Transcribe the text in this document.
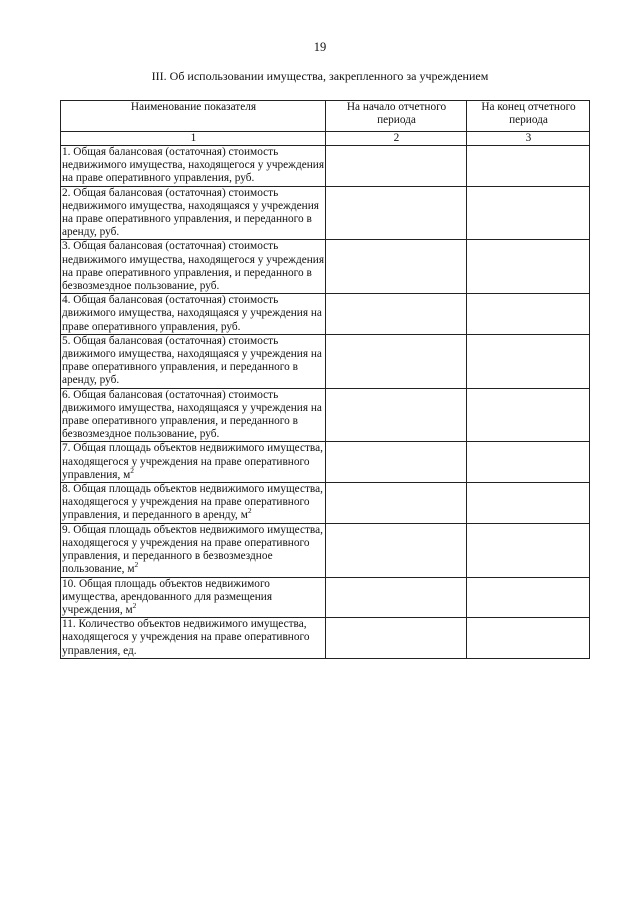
19
III. Об использовании имущества, закрепленного за учреждением
Наименование показателя	На начало отчетного периода	На конец отчетного периода
1	2	3
1. Общая балансовая (остаточная) стоимость недвижимого имущества, находящегося у учреждения на праве оперативного управления, руб.		
2. Общая балансовая (остаточная) стоимость недвижимого имущества, находящаяся у учреждения на праве оперативного управления, и переданного в аренду, руб.		
3. Общая балансовая (остаточная) стоимость недвижимого имущества, находящегося у учреждения на праве оперативного управления, и переданного в безвозмездное пользование, руб.		
4. Общая балансовая (остаточная) стоимость движимого имущества, находящаяся у учреждения на праве оперативного управления, руб.		
5. Общая балансовая (остаточная) стоимость движимого имущества, находящаяся у учреждения на праве оперативного управления, и переданного в аренду, руб.		
6. Общая балансовая (остаточная) стоимость движимого имущества, находящаяся у учреждения на праве оперативного управления, и переданного в безвозмездное пользование, руб.		
7. Общая площадь объектов недвижимого имущества, находящегося у учреждения на праве оперативного управления, $м^2$		
8. Общая площадь объектов недвижимого имущества, находящегося у учреждения на праве оперативного управления, и переданного в аренду, $м^2$		
9. Общая площадь объектов недвижимого имущества, находящегося у учреждения на праве оперативного управления, и переданного в безвозмездное пользование, $м^2$		
10. Общая площадь объектов недвижимого имущества, арендованного для размещения учреждения, $м^2$		
11. Количество объектов недвижимого имущества, находящегося у учреждения на праве оперативного управления, ед.		
